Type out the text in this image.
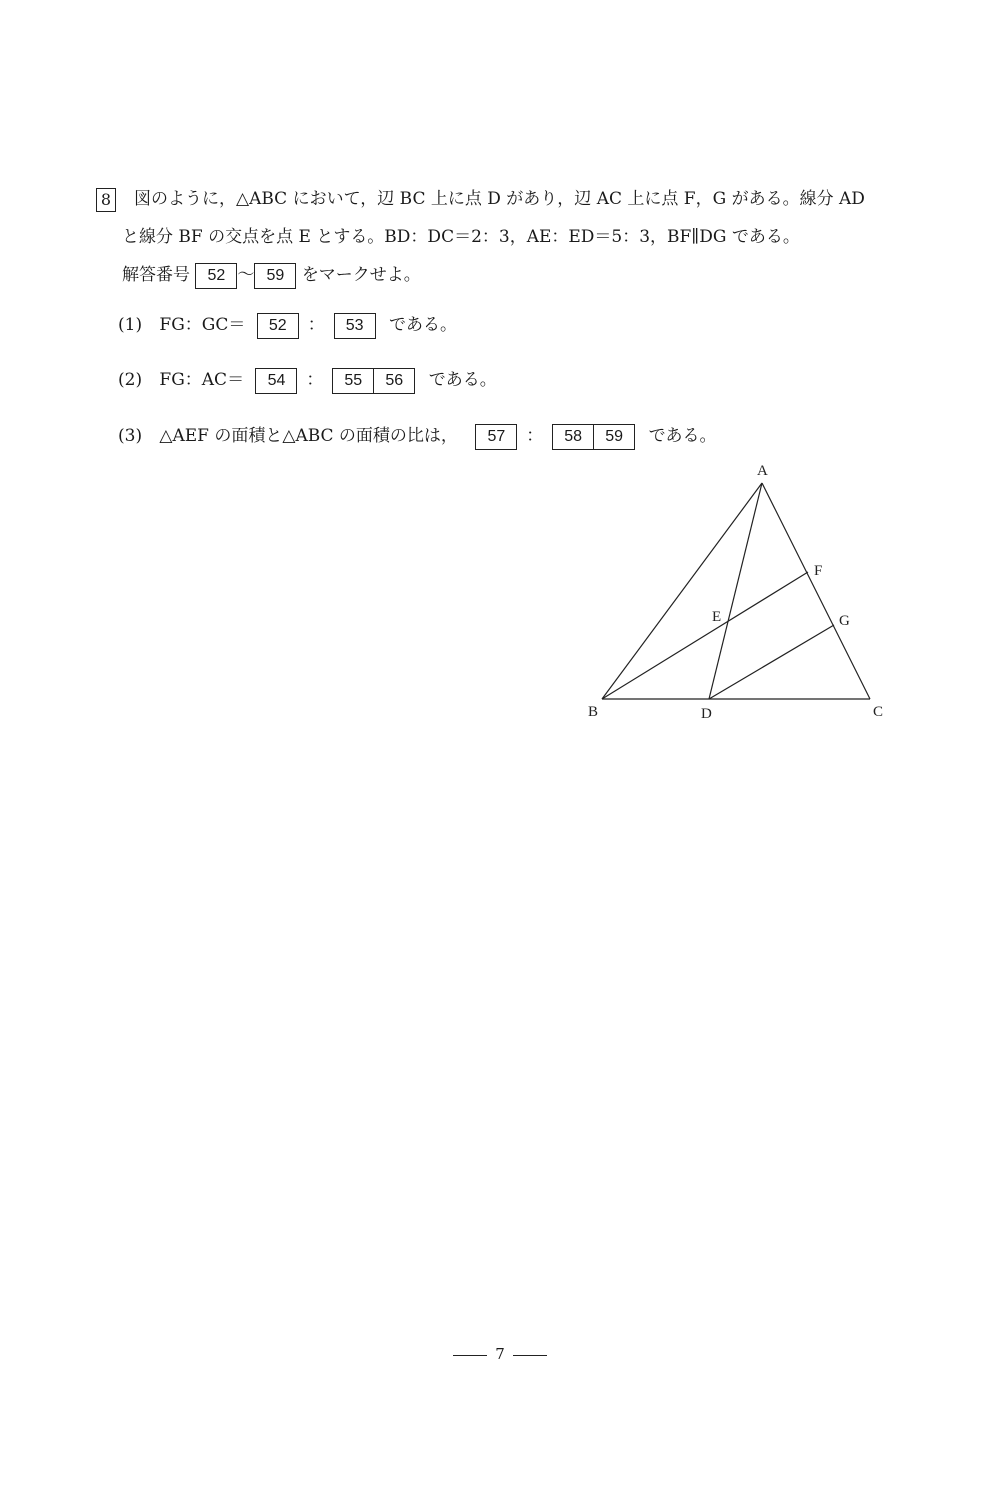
8 図のように，△ABC において，辺 BC 上に点 D があり，辺 AC 上に点 F，G がある。線分 AD
と線分 BF の交点を点 E とする。BD：DC＝2：3，AE：ED＝5：3，BF∥DG である。
解答番号 52 ～ 59 をマークせよ。
(1) FG：GC＝ 52 ： 53 である。
(2) FG：AC＝ 54 ：	55	56	である。
(3) △AEF の面積と△ABC の面積の比は， 57 ：	58	59	である。
A
B	C
D
E
F
G
7
